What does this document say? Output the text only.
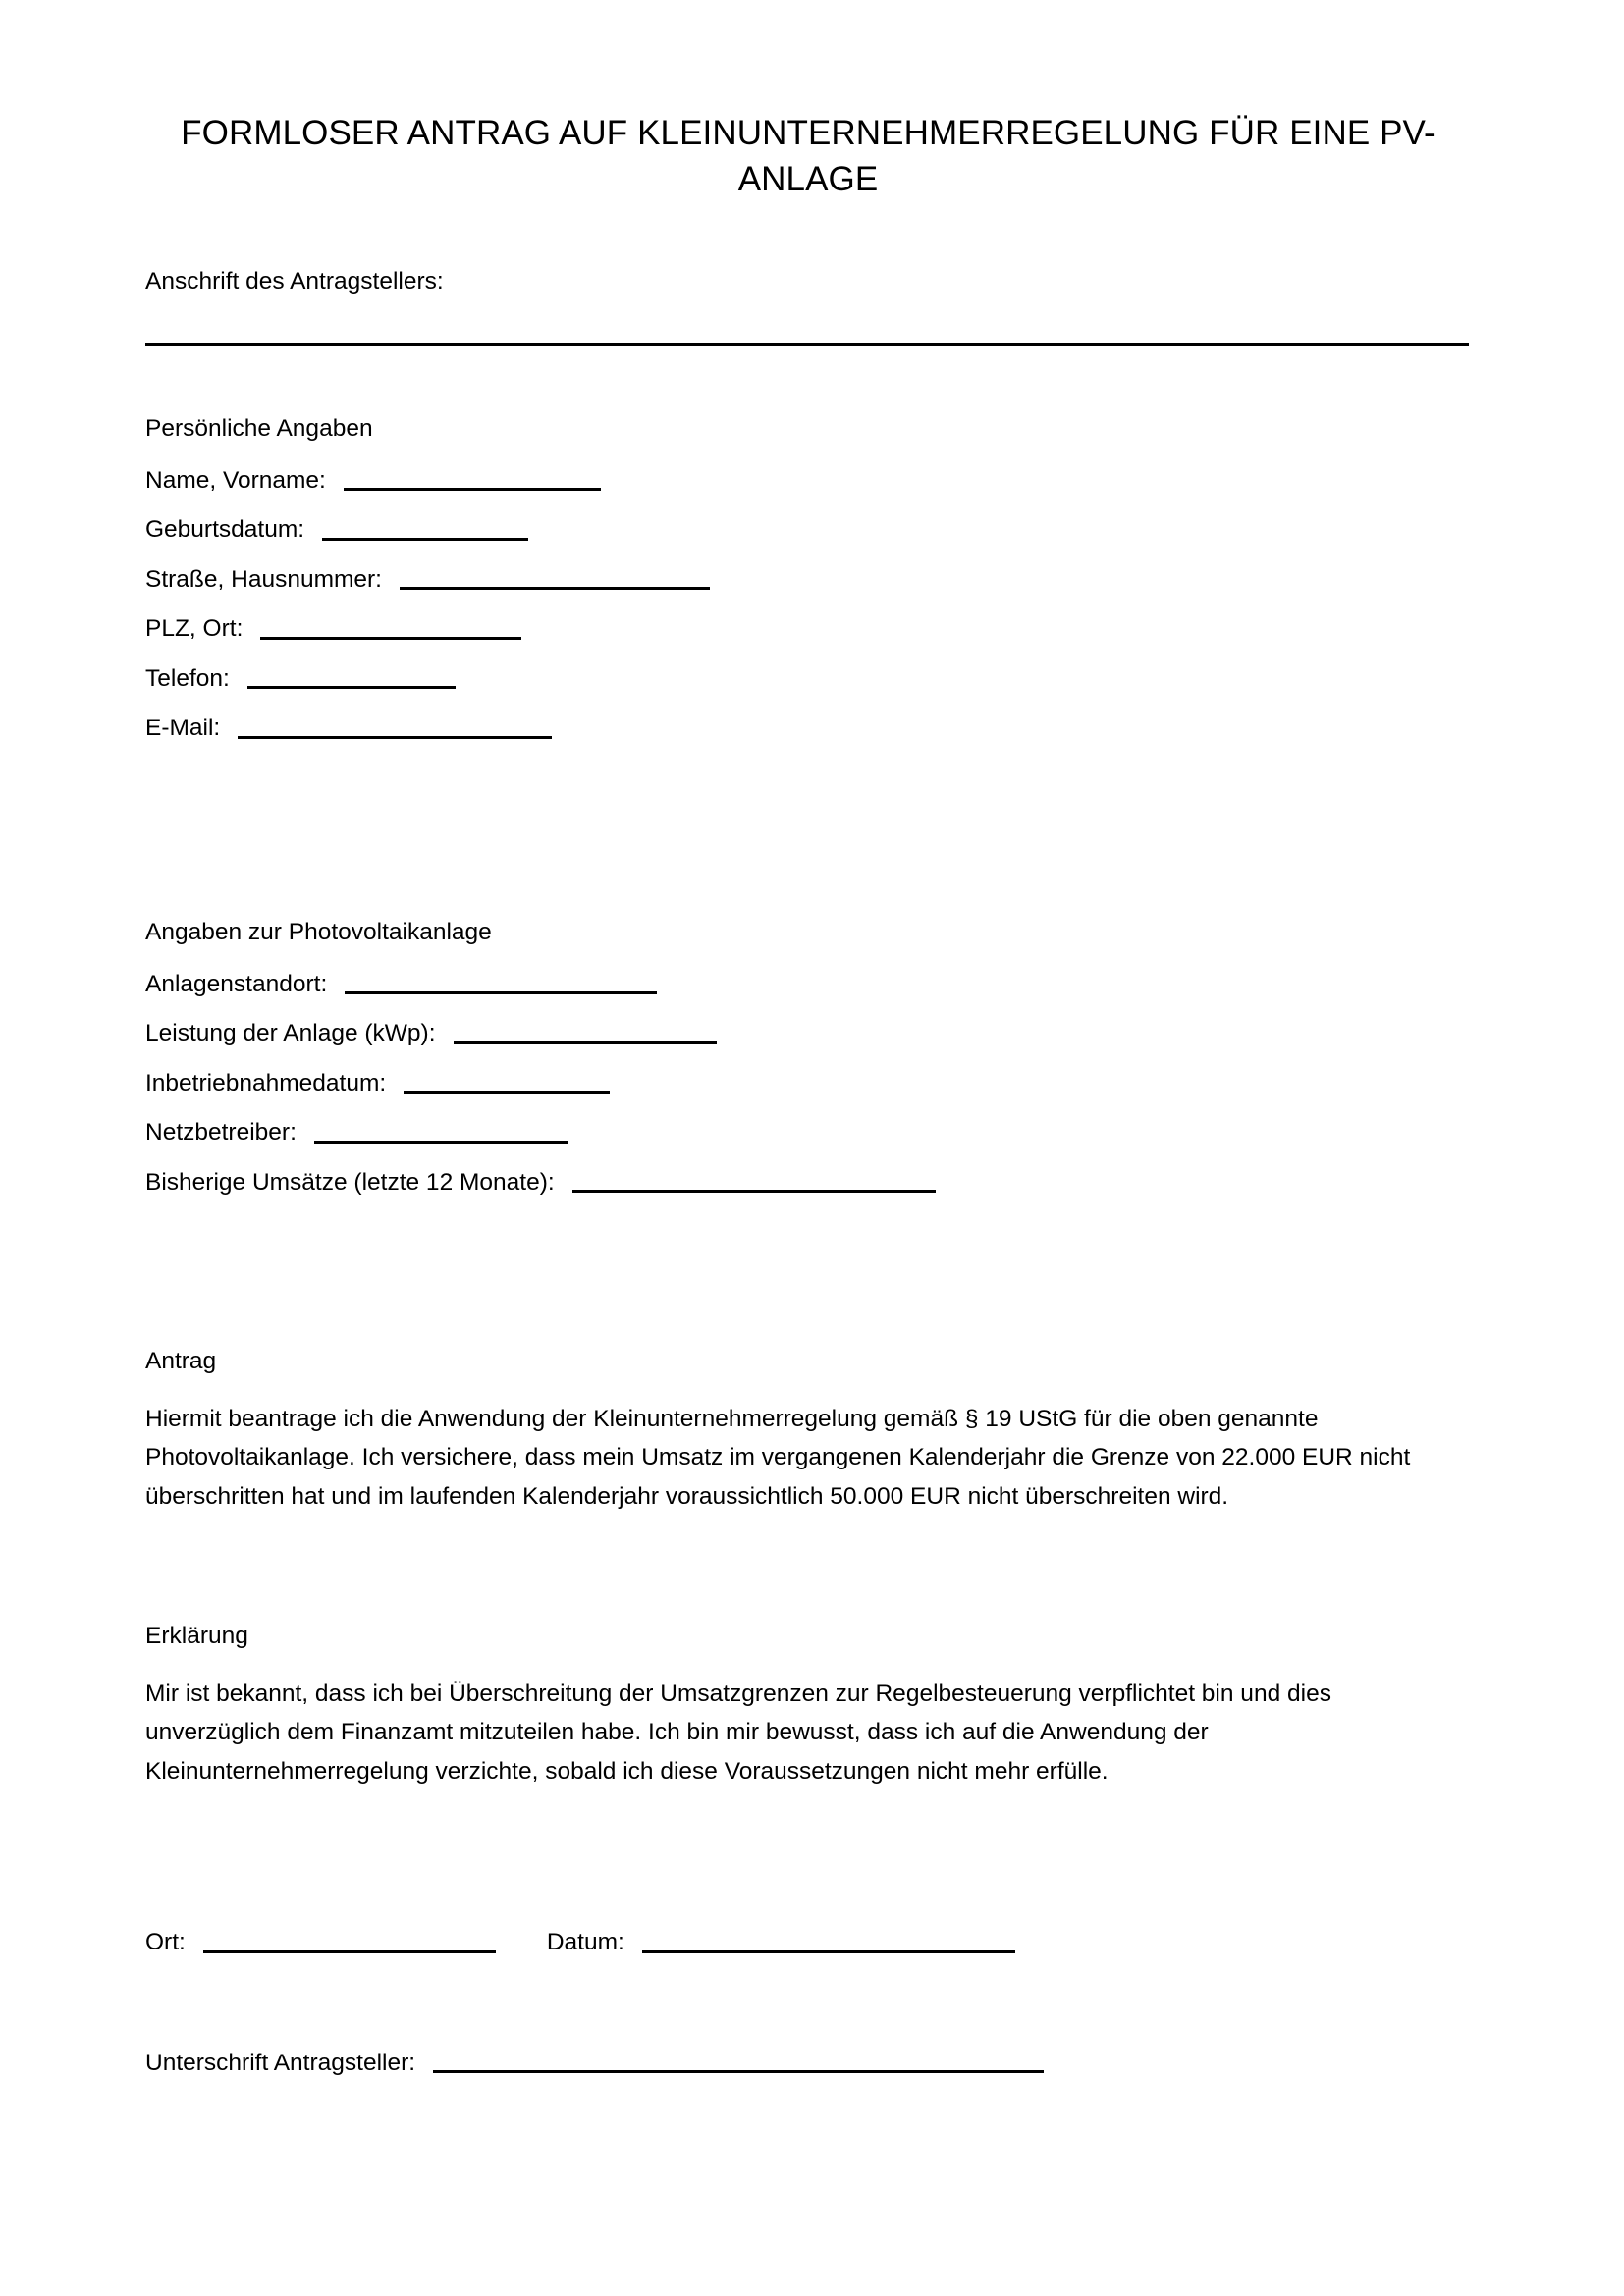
FORMLOSER ANTRAG AUF KLEINUNTERNEHMERREGELUNG FÜR EINE PV-ANLAGE
Anschrift des Antragstellers:
Persönliche Angaben
Name, Vorname:
Geburtsdatum:
Straße, Hausnummer:
PLZ, Ort:
Telefon:
E-Mail:
Angaben zur Photovoltaikanlage
Anlagenstandort:
Leistung der Anlage (kWp):
Inbetriebnahmedatum:
Netzbetreiber:
Bisherige Umsätze (letzte 12 Monate):
Antrag
Hiermit beantrage ich die Anwendung der Kleinunternehmerregelung gemäß § 19 UStG für die oben genannte Photovoltaikanlage. Ich versichere, dass mein Umsatz im vergangenen Kalenderjahr die Grenze von 22.000 EUR nicht überschritten hat und im laufenden Kalenderjahr voraussichtlich 50.000 EUR nicht überschreiten wird.
Erklärung
Mir ist bekannt, dass ich bei Überschreitung der Umsatzgrenzen zur Regelbesteuerung verpflichtet bin und dies unverzüglich dem Finanzamt mitzuteilen habe. Ich bin mir bewusst, dass ich auf die Anwendung der Kleinunternehmerregelung verzichte, sobald ich diese Voraussetzungen nicht mehr erfülle.
Ort:	Datum:
Unterschrift Antragsteller:
